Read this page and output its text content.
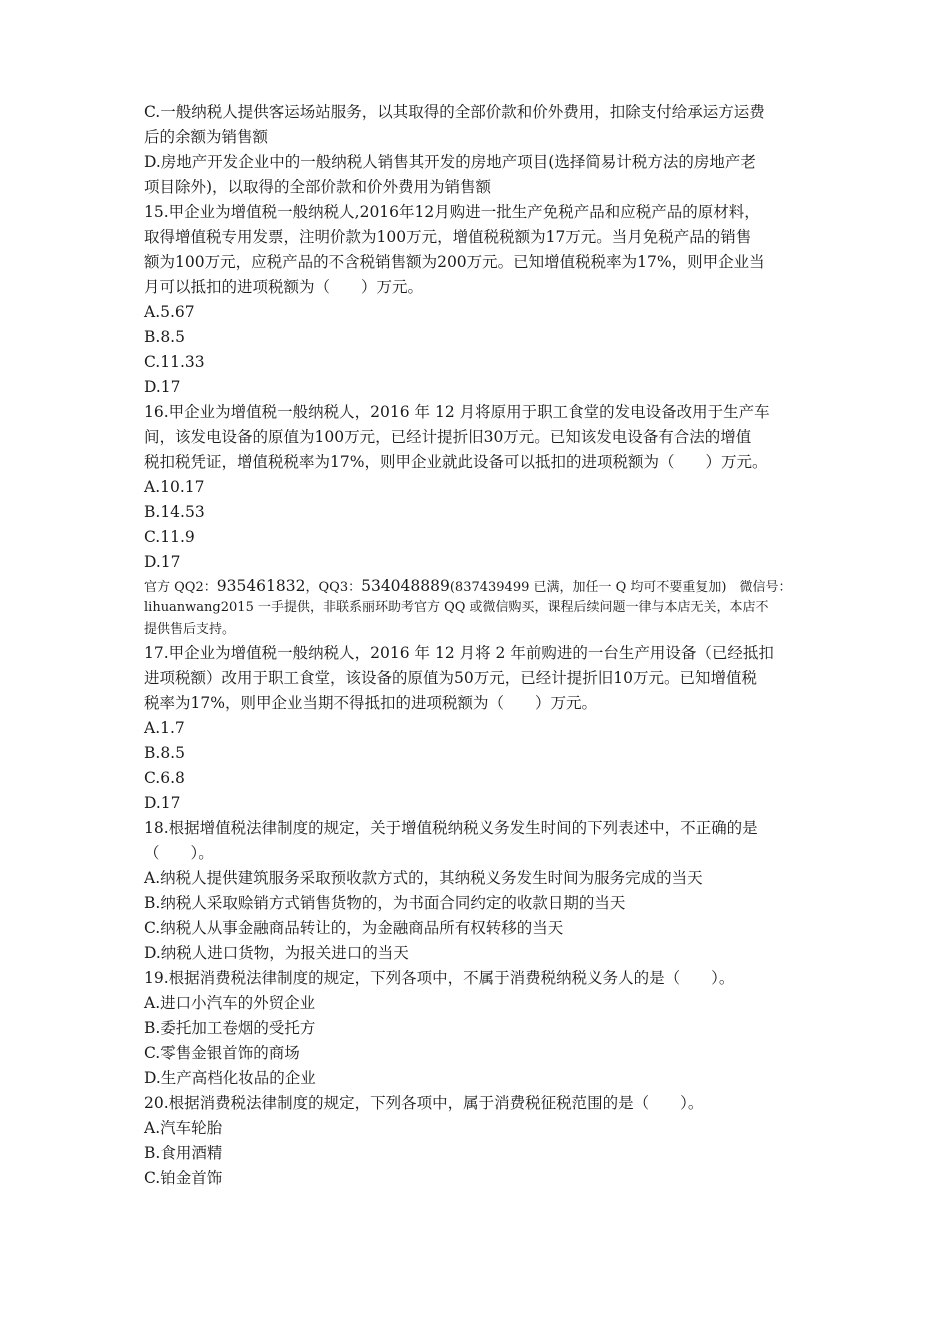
C.一般纳税人提供客运场站服务，以其取得的全部价款和价外费用，扣除支付给承运方运费
后的余额为销售额
D.房地产开发企业中的一般纳税人销售其开发的房地产项目(选择简易计税方法的房地产老
项目除外)，以取得的全部价款和价外费用为销售额
15.甲企业为增值税一般纳税人,2016年12月购进一批生产免税产品和应税产品的原材料，
取得增值税专用发票，注明价款为100万元，增值税税额为17万元。当月免税产品的销售
额为100万元，应税产品的不含税销售额为200万元。已知增值税税率为17%，则甲企业当
月可以抵扣的进项税额为（　　）万元。
A.5.67
B.8.5
C.11.33
D.17
16.甲企业为增值税一般纳税人，2016 年 12 月将原用于职工食堂的发电设备改用于生产车
间，该发电设备的原值为100万元，已经计提折旧30万元。已知该发电设备有合法的增值
税扣税凭证，增值税税率为17%，则甲企业就此设备可以抵扣的进项税额为（　　）万元。
A.10.17
B.14.53
C.11.9
D.17
官方 QQ2：935461832，QQ3：534048889(837439499 已满，加任一 Q 均可不要重复加)　微信号：
lihuanwang2015 一手提供，非联系丽环助考官方 QQ 或微信购买，课程后续问题一律与本店无关，本店不
提供售后支持。
17.甲企业为增值税一般纳税人，2016 年 12 月将 2 年前购进的一台生产用设备（已经抵扣
进项税额）改用于职工食堂，该设备的原值为50万元，已经计提折旧10万元。已知增值税
税率为17%，则甲企业当期不得抵扣的进项税额为（　　）万元。
A.1.7
B.8.5
C.6.8
D.17
18.根据增值税法律制度的规定，关于增值税纳税义务发生时间的下列表述中，不正确的是
（　　）。
A.纳税人提供建筑服务采取预收款方式的，其纳税义务发生时间为服务完成的当天
B.纳税人采取赊销方式销售货物的，为书面合同约定的收款日期的当天
C.纳税人从事金融商品转让的，为金融商品所有权转移的当天
D.纳税人进口货物，为报关进口的当天
19.根据消费税法律制度的规定，下列各项中，不属于消费税纳税义务人的是（　　）。
A.进口小汽车的外贸企业
B.委托加工卷烟的受托方
C.零售金银首饰的商场
D.生产高档化妆品的企业
20.根据消费税法律制度的规定，下列各项中，属于消费税征税范围的是（　　）。
A.汽车轮胎
B.食用酒精
C.铂金首饰
